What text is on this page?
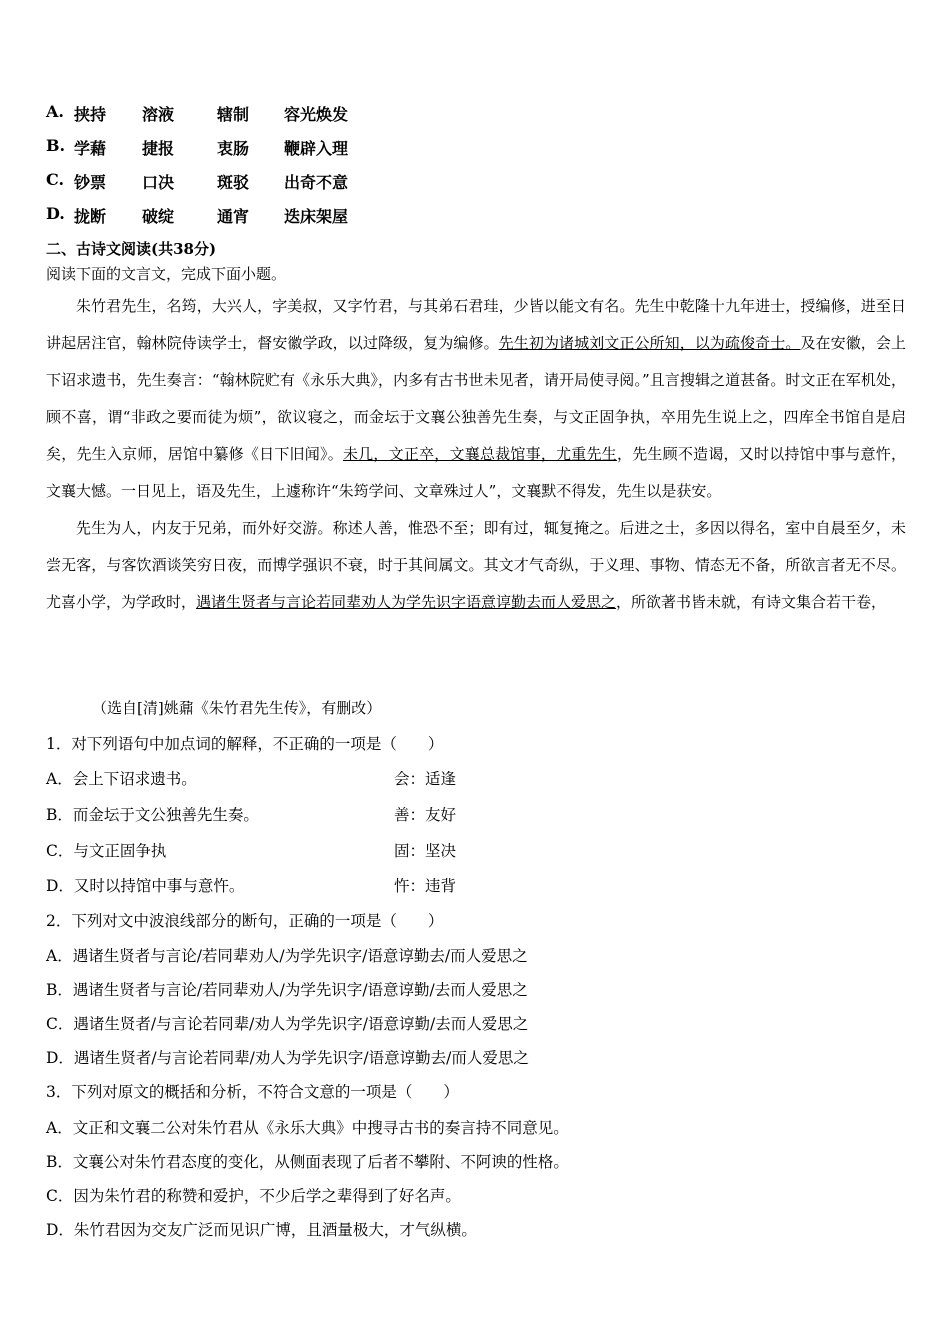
A. 挟持 溶液	辖制 容光焕发
B. 学藉 捷报	衷肠 鞭辟入理
C. 钞票 口决	斑驳 出奇不意
D. 拢断 破绽	通宵 迭床架屋
二、古诗文阅读(共38分)
阅读下面的文言文，完成下面小题。

朱竹君先生，名筠，大兴人，字美叔，又字竹君，与其弟石君珪，少皆以能文有名。先生中乾隆十九年进士，授编修，进至日讲起居注官，翰林院侍读学士，督安徽学政，以过降级，复为编修。先生初为诸城刘文正公所知，以为疏俊奇士。及在安徽，会上下诏求遗书，先生奏言：“翰林院贮有《永乐大典》，内多有古书世未见者，请开局使寻阅。”且言搜辑之道甚备。时文正在军机处，顾不喜，谓“非政之要而徒为烦”，欲议寝之，而金坛于文襄公独善先生奏，与文正固争执，卒用先生说上之，四库全书馆自是启矣，先生入京师，居馆中纂修《日下旧闻》。未几，文正卒，文襄总裁馆事，尤重先生，先生顾不造谒，又时以持馆中事与意忤，文襄大憾。一日见上，语及先生，上遽称许“朱筠学问、文章殊过人”，文襄默不得发，先生以是获安。

先生为人，内友于兄弟，而外好交游。称述人善，惟恐不至；即有过，辄复掩之。后进之士，多因以得名，室中自晨至夕，未尝无客，与客饮酒谈笑穷日夜，而博学强识不衰，时于其间属文。其文才气奇纵，于义理、事物、情态无不备，所欲言者无不尽。尤喜小学，为学政时，遇诸生贤者与言论若同辈劝人为学先识字语意谆勤去而人爱思之，所欲著书皆未就，有诗文集合若干卷，

（选自[清]姚鼐《朱竹君先生传》，有删改）
1．对下列语句中加点词的解释，不正确的一项是（　　）
A．会上下诏求遗书。	会：适逢
B．而金坛于文公独善先生奏。	善：友好
C．与文正固争执	固：坚决
D．又时以持馆中事与意忤。	忤：违背
2．下列对文中波浪线部分的断句，正确的一项是（　　）
A．遇诸生贤者与言论/若同辈劝人/为学先识字/语意谆勤去/而人爱思之
B．遇诸生贤者与言论/若同辈劝人/为学先识字/语意谆勤/去而人爱思之
C．遇诸生贤者/与言论若同辈/劝人为学先识字/语意谆勤/去而人爱思之
D．遇诸生贤者/与言论若同辈/劝人为学先识字/语意谆勤去/而人爱思之
3．下列对原文的概括和分析，不符合文意的一项是（　　）
A．文正和文襄二公对朱竹君从《永乐大典》中搜寻古书的奏言持不同意见。
B．文襄公对朱竹君态度的变化，从侧面表现了后者不攀附、不阿谀的性格。
C．因为朱竹君的称赞和爱护，不少后学之辈得到了好名声。
D．朱竹君因为交友广泛而见识广博，且酒量极大，才气纵横。
